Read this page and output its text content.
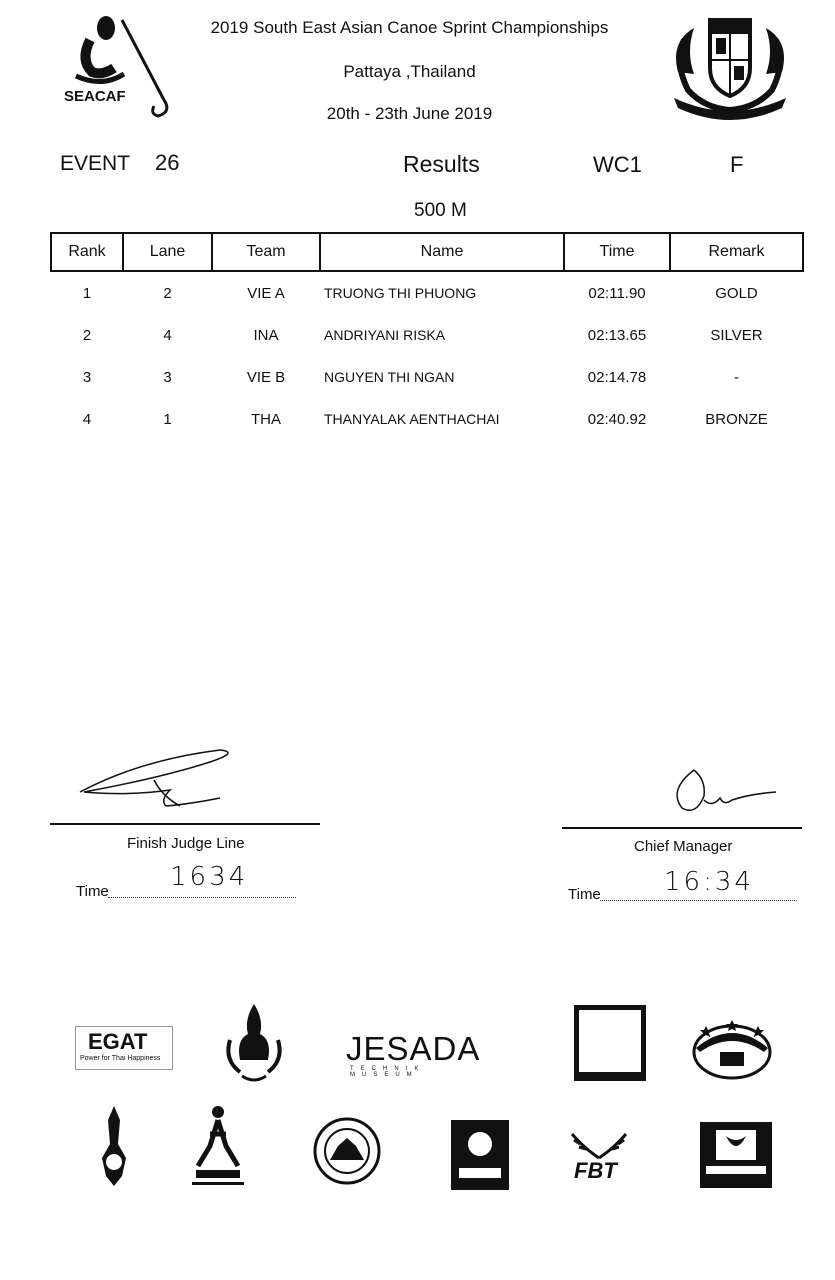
SEACAF
2019 South East Asian Canoe Sprint Championships
Pattaya ,Thailand
20th - 23th June 2019
EVENT 26	Results	WC1	F
500 M
Rank	Lane	Team	Name	Time	Remark
1	2	VIE A	TRUONG THI PHUONG	02:11.90	GOLD
2	4	INA	ANDRIYANI RISKA	02:13.65	SILVER
3	3	VIE B	NGUYEN THI NGAN	02:14.78	-
4	1	THA	THANYALAK AENTHACHAI	02:40.92	BRONZE
Finish Judge Line
Time 1634
Chief Manager
Time 16:34
EGAT
Power for Thai Happiness	JESADA
TECHNIK MUSEUM
FBT
